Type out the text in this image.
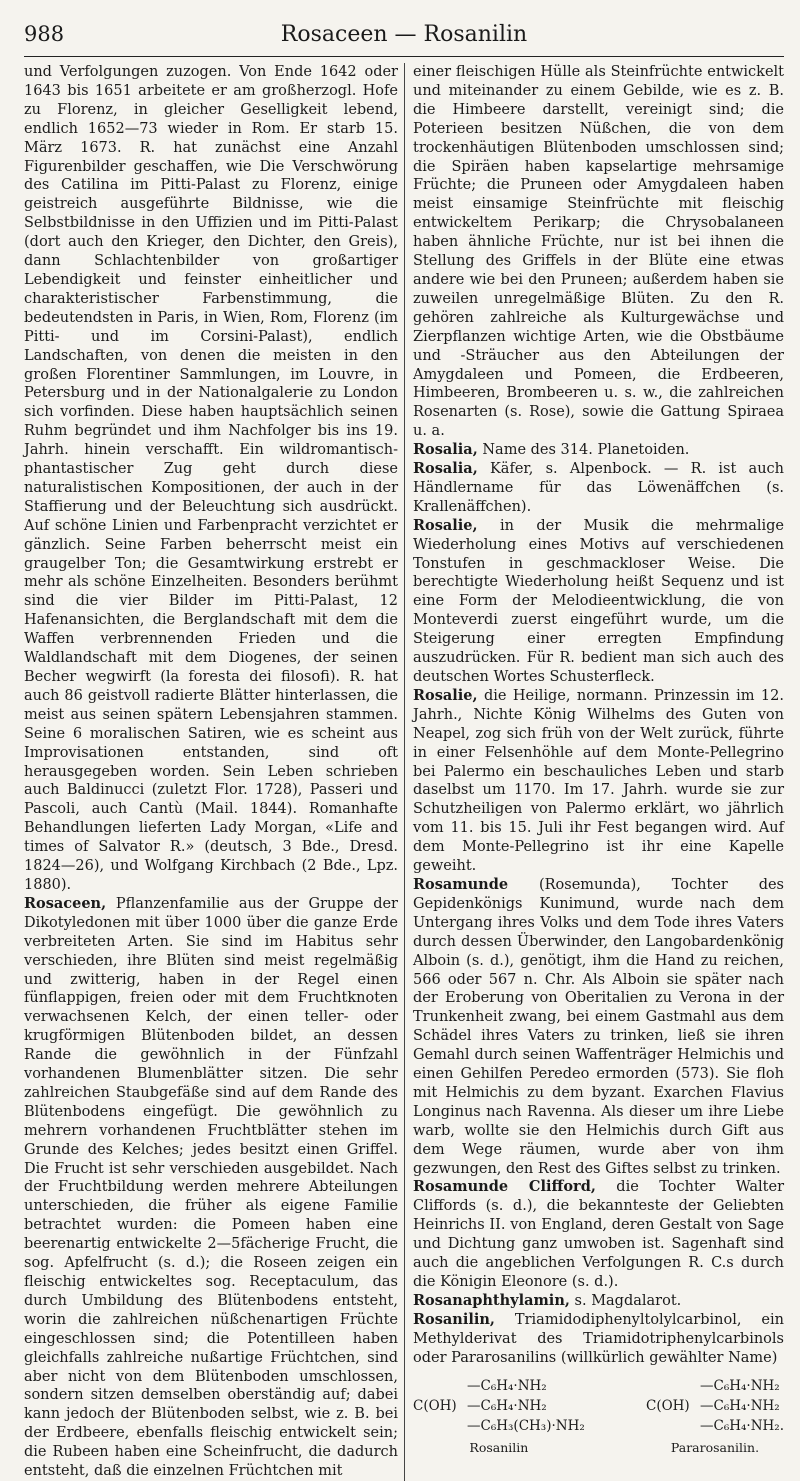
988	Rosaceen — Rosanilin

und Verfolgungen zuzogen. Von Ende 1642 oder 1643 bis 1651 arbeitete er am großherzogl. Hofe zu Florenz, in gleicher Geselligkeit lebend, endlich 1652—73 wieder in Rom. Er starb 15. März 1673. R. hat zunächst eine Anzahl Figurenbilder geschaffen, wie Die Verschwörung des Catilina im Pitti-Palast zu Florenz, einige geistreich ausgeführte Bildnisse, wie die Selbstbildnisse in den Uffizien und im Pitti-Palast (dort auch den Krieger, den Dichter, den Greis), dann Schlachtenbilder von großartiger Lebendigkeit und feinster einheitlicher und charakteristischer Farbenstimmung, die bedeutendsten in Paris, in Wien, Rom, Florenz (im Pitti- und im Corsini-Palast), endlich Landschaften, von denen die meisten in den großen Florentiner Sammlungen, im Louvre, in Petersburg und in der Nationalgalerie zu London sich vorfinden. Diese haben hauptsächlich seinen Ruhm begründet und ihm Nachfolger bis ins 19. Jahrh. hinein verschafft. Ein wildromantisch-phantastischer Zug geht durch diese naturalistischen Kompositionen, der auch in der Staffierung und der Beleuchtung sich ausdrückt. Auf schöne Linien und Farbenpracht verzichtet er gänzlich. Seine Farben beherrscht meist ein graugelber Ton; die Gesamtwirkung erstrebt er mehr als schöne Einzelheiten. Besonders berühmt sind die vier Bilder im Pitti-Palast, 12 Hafenansichten, die Berglandschaft mit dem die Waffen verbrennenden Frieden und die Waldlandschaft mit dem Diogenes, der seinen Becher wegwirft (la foresta dei filosofi). R. hat auch 86 geistvoll radierte Blätter hinterlassen, die meist aus seinen spätern Lebensjahren stammen. Seine 6 moralischen Satiren, wie es scheint aus Improvisationen entstanden, sind oft herausgegeben worden. Sein Leben schrieben auch Baldinucci (zuletzt Flor. 1728), Passeri und Pascoli, auch Cantù (Mail. 1844). Romanhafte Behandlungen lieferten Lady Morgan, «Life and times of Salvator R.» (deutsch, 3 Bde., Dresd. 1824—26), und Wolfgang Kirchbach (2 Bde., Lpz. 1880).

Rosaceen, Pflanzenfamilie aus der Gruppe der Dikotyledonen mit über 1000 über die ganze Erde verbreiteten Arten. Sie sind im Habitus sehr verschieden, ihre Blüten sind meist regelmäßig und zwitterig, haben in der Regel einen fünflappigen, freien oder mit dem Fruchtknoten verwachsenen Kelch, der einen teller- oder krugförmigen Blütenboden bildet, an dessen Rande die gewöhnlich in der Fünfzahl vorhandenen Blumenblätter sitzen. Die sehr zahlreichen Staubgefäße sind auf dem Rande des Blütenbodens eingefügt. Die gewöhnlich zu mehrern vorhandenen Fruchtblätter stehen im Grunde des Kelches; jedes besitzt einen Griffel. Die Frucht ist sehr verschieden ausgebildet. Nach der Fruchtbildung werden mehrere Abteilungen unterschieden, die früher als eigene Familie betrachtet wurden: die Pomeen haben eine beerenartig entwickelte 2—5fächerige Frucht, die sog. Apfelfrucht (s. d.); die Roseen zeigen ein fleischig entwickeltes sog. Receptaculum, das durch Umbildung des Blütenbodens entsteht, worin die zahlreichen nüßchenartigen Früchte eingeschlossen sind; die Potentilleen haben gleichfalls zahlreiche nußartige Früchtchen, sind aber nicht von dem Blütenboden umschlossen, sondern sitzen demselben oberständig auf; dabei kann jedoch der Blütenboden selbst, wie z. B. bei der Erdbeere, ebenfalls fleischig entwickelt sein; die Rubeen haben eine Scheinfrucht, die dadurch entsteht, daß die einzelnen Früchtchen mit

einer fleischigen Hülle als Steinfrüchte entwickelt und miteinander zu einem Gebilde, wie es z. B. die Himbeere darstellt, vereinigt sind; die Poterieen besitzen Nüßchen, die von dem trockenhäutigen Blütenboden umschlossen sind; die Spiräen haben kapselartige mehrsamige Früchte; die Pruneen oder Amygdaleen haben meist einsamige Steinfrüchte mit fleischig entwickeltem Perikarp; die Chrysobalaneen haben ähnliche Früchte, nur ist bei ihnen die Stellung des Griffels in der Blüte eine etwas andere wie bei den Pruneen; außerdem haben sie zuweilen unregelmäßige Blüten. Zu den R. gehören zahlreiche als Kulturgewächse und Zierpflanzen wichtige Arten, wie die Obstbäume und -Sträucher aus den Abteilungen der Amygdaleen und Pomeen, die Erdbeeren, Himbeeren, Brombeeren u. s. w., die zahlreichen Rosenarten (s. Rose), sowie die Gattung Spiraea u. a.

Rosalia, Name des 314. Planetoiden.

Rosalia, Käfer, s. Alpenbock. — R. ist auch Händlername für das Löwenäffchen (s. Krallenäffchen).

Rosalie, in der Musik die mehrmalige Wiederholung eines Motivs auf verschiedenen Tonstufen in geschmackloser Weise. Die berechtigte Wiederholung heißt Sequenz und ist eine Form der Melodieentwicklung, die von Monteverdi zuerst eingeführt wurde, um die Steigerung einer erregten Empfindung auszudrücken. Für R. bedient man sich auch des deutschen Wortes Schusterfleck.

Rosalie, die Heilige, normann. Prinzessin im 12. Jahrh., Nichte König Wilhelms des Guten von Neapel, zog sich früh von der Welt zurück, führte in einer Felsenhöhle auf dem Monte-Pellegrino bei Palermo ein beschauliches Leben und starb daselbst um 1170. Im 17. Jahrh. wurde sie zur Schutzheiligen von Palermo erklärt, wo jährlich vom 11. bis 15. Juli ihr Fest begangen wird. Auf dem Monte-Pellegrino ist ihr eine Kapelle geweiht.

Rosamunde (Rosemunda), Tochter des Gepidenkönigs Kunimund, wurde nach dem Untergang ihres Volks und dem Tode ihres Vaters durch dessen Überwinder, den Langobardenkönig Alboin (s. d.), genötigt, ihm die Hand zu reichen, 566 oder 567 n. Chr. Als Alboin sie später nach der Eroberung von Oberitalien zu Verona in der Trunkenheit zwang, bei einem Gastmahl aus dem Schädel ihres Vaters zu trinken, ließ sie ihren Gemahl durch seinen Waffenträger Helmichis und einen Gehilfen Peredeo ermorden (573). Sie floh mit Helmichis zu dem byzant. Exarchen Flavius Longinus nach Ravenna. Als dieser um ihre Liebe warb, wollte sie den Helmichis durch Gift aus dem Wege räumen, wurde aber von ihm gezwungen, den Rest des Giftes selbst zu trinken.

Rosamunde Clifford, die Tochter Walter Cliffords (s. d.), die bekannteste der Geliebten Heinrichs II. von England, deren Gestalt von Sage und Dichtung ganz umwoben ist. Sagenhaft sind auch die angeblichen Verfolgungen R. C.s durch die Königin Eleonore (s. d.).

Rosanaphthylamin, s. Magdalarot.

Rosanilin, Triamidodiphenyltolylcarbinol, ein Methylderivat des Triamidotriphenylcarbinols oder Pararosanilins (willkürlich gewählter Name)

C(OH)
—C₆H₄·NH₂
—C₆H₄·NH₂
—C₆H₃(CH₃)·NH₂
Rosanilin
C(OH)
—C₆H₄·NH₂
—C₆H₄·NH₂
—C₆H₄·NH₂.
Pararosanilin.
